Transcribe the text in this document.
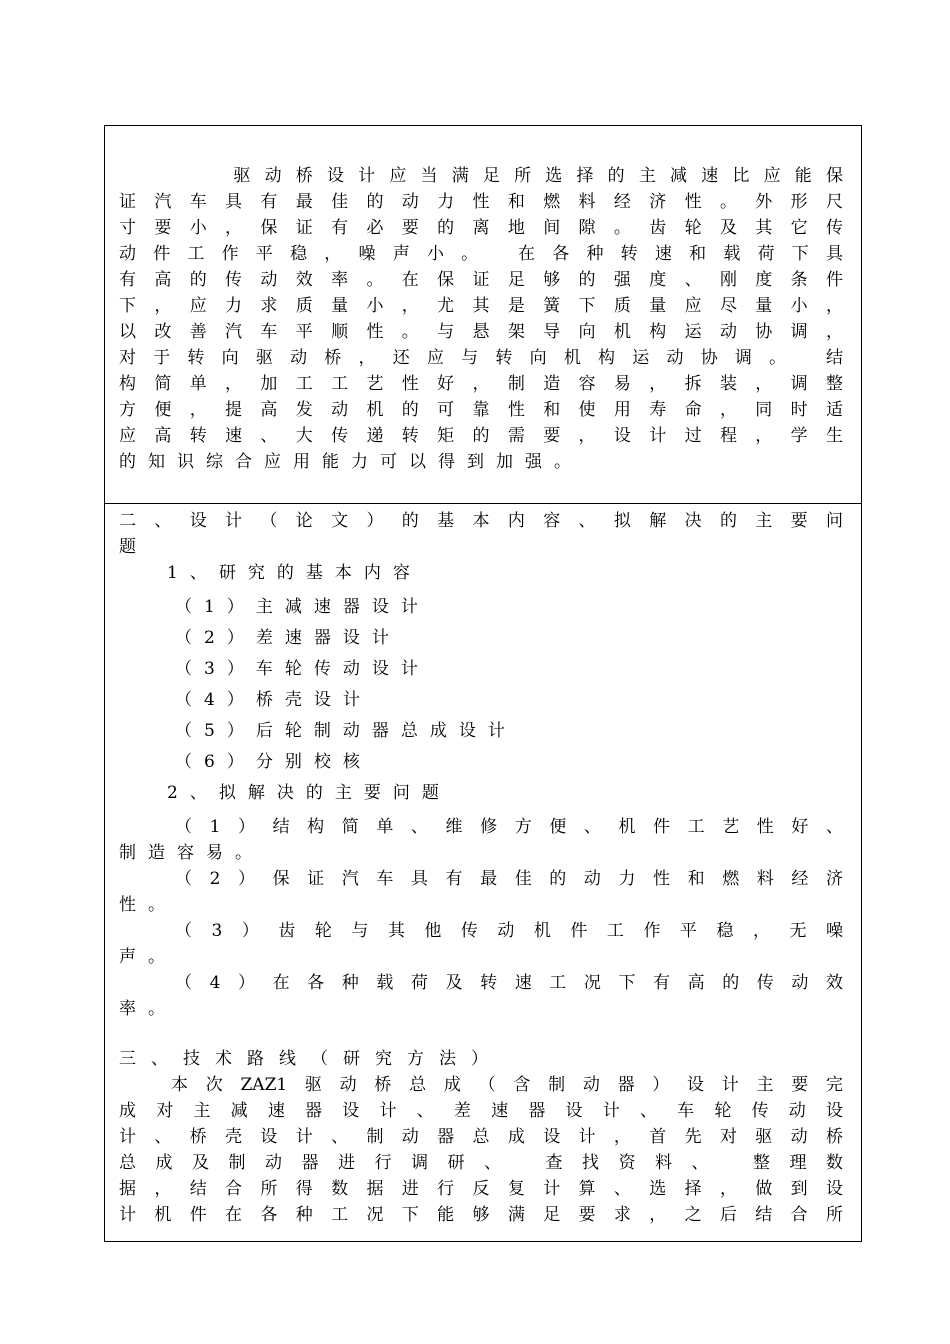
　　驱动桥设计应当满足所选择的主减速比应能保
证汽车具有最佳的动力性和燃料经济性。外形尺
寸要小，保证有必要的离地间隙。齿轮及其它传
动件工作平稳，噪声小。 在各种转速和载荷下具
有高的传动效率。在保证足够的强度、刚度条件
下，应力求质量小，尤其是簧下质量应尽量小，
以改善汽车平顺性。与悬架导向机构运动协调，
对于转向驱动桥，还应与转向机构运动协调。 结
构简单，加工工艺性好，制造容易，拆装，调整
方便，提高发动机的可靠性和使用寿命，同时适
应高转速、大传递转矩的需要，设计过程，学生
的知识综合应用能力可以得到加强。
二、设计（论文）的基本内容、拟解决的主要问
题
1、研究的基本内容
（1）主减速器设计
（2）差速器设计
（3）车轮传动设计
（4）桥壳设计
（5）后轮制动器总成设计
（6）分别校核
2、拟解决的主要问题
（1）结构简单、维修方便、机件工艺性好、
制造容易。
（2）保证汽车具有最佳的动力性和燃料经济
性。
（3）齿轮与其他传动机件工作平稳，无噪
声。
（4）在各种载荷及转速工况下有高的传动效
率。
三、技术路线（研究方法）
本次ZAZ1驱动桥总成（含制动器）设计主要完
成对主减速器设计、差速器设计、车轮传动设
计、桥壳设计、制动器总成设计，首先对驱动桥
总成及制动器进行调研、 查找资料、 整理数
据，结合所得数据进行反复计算、选择，做到设
计机件在各种工况下能够满足要求，之后结合所
